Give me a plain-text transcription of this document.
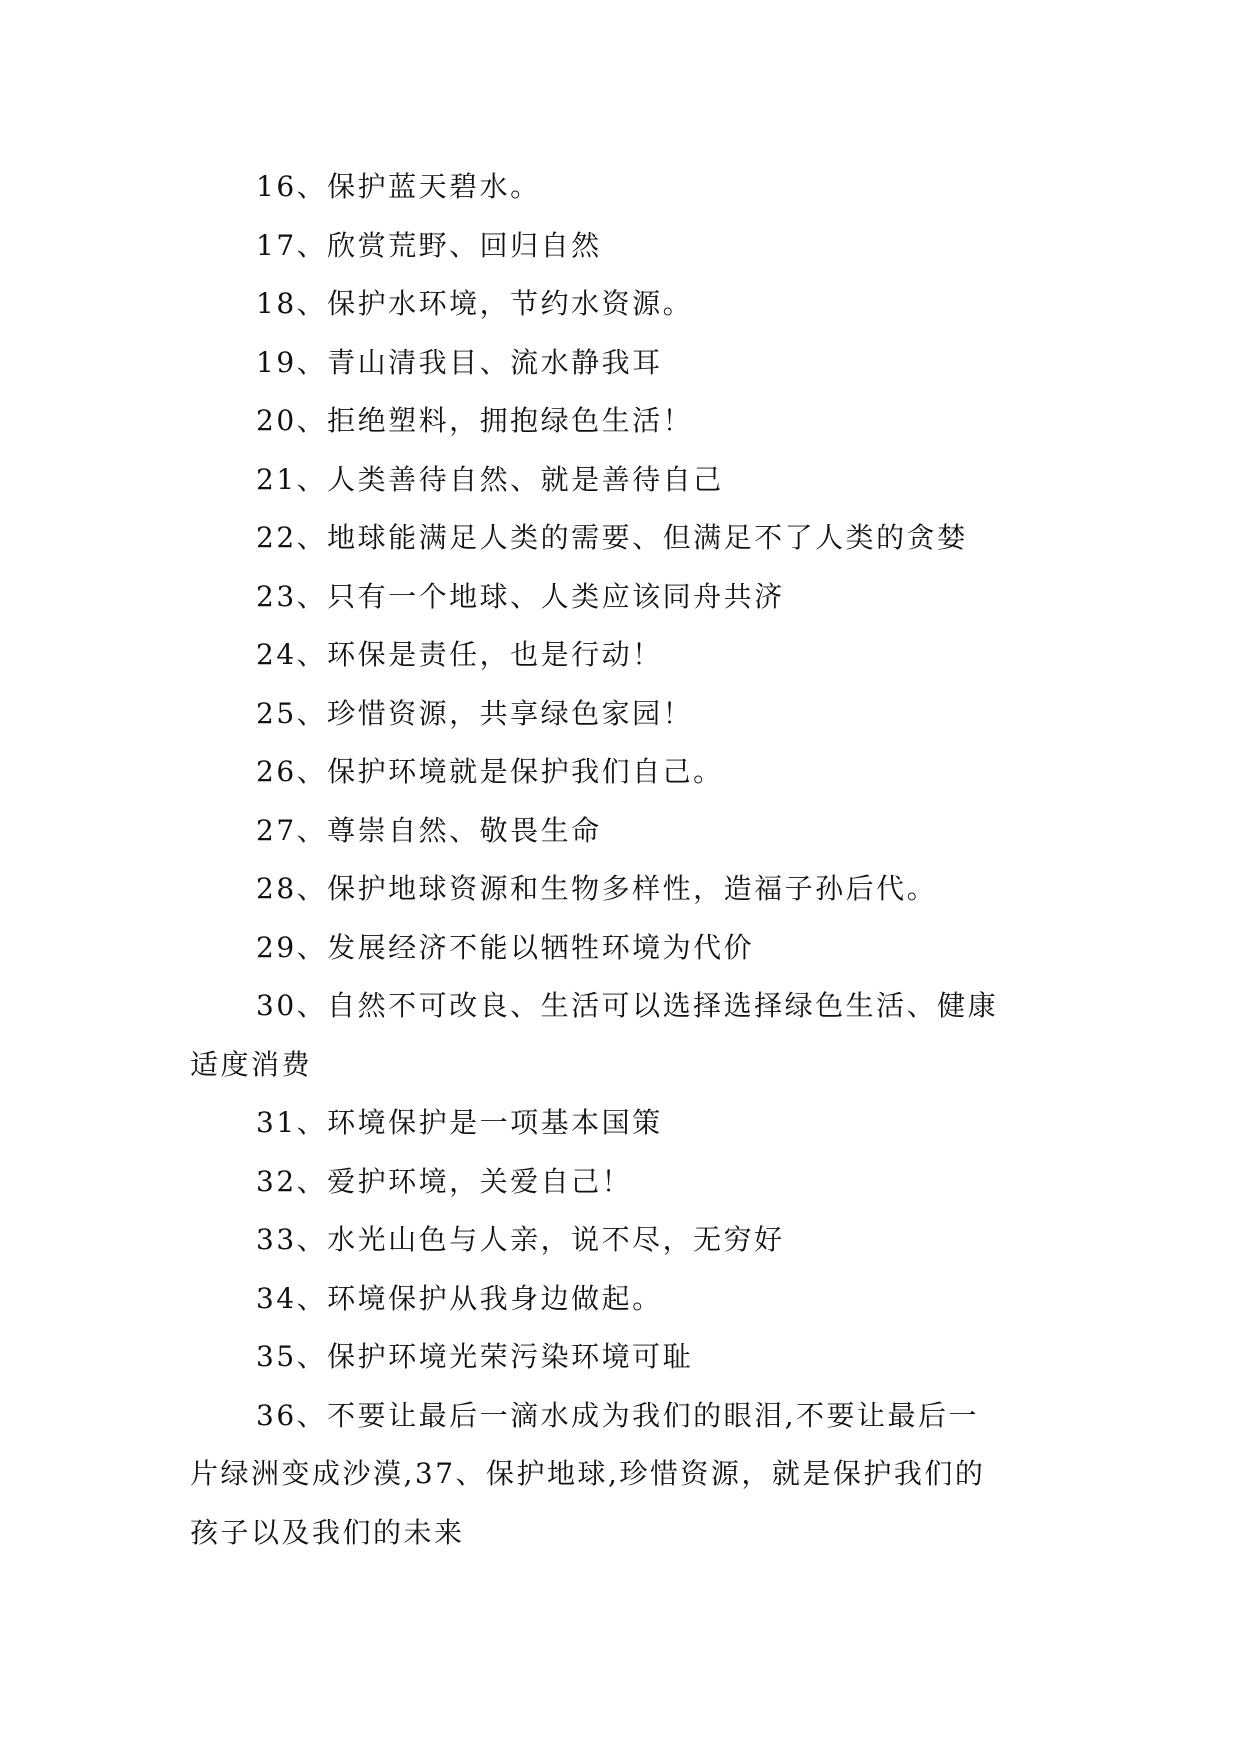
16、保护蓝天碧水。

17、欣赏荒野、回归自然

18、保护水环境，节约水资源。

19、青山清我目、流水静我耳

20、拒绝塑料，拥抱绿色生活！

21、人类善待自然、就是善待自己

22、地球能满足人类的需要、但满足不了人类的贪婪

23、只有一个地球、人类应该同舟共济

24、环保是责任，也是行动！

25、珍惜资源，共享绿色家园！

26、保护环境就是保护我们自己。

27、尊崇自然、敬畏生命

28、保护地球资源和生物多样性，造福子孙后代。

29、发展经济不能以牺牲环境为代价

30、自然不可改良、生活可以选择选择绿色生活、健康

适度消费

31、环境保护是一项基本国策

32、爱护环境，关爱自己！

33、水光山色与人亲，说不尽，无穷好

34、环境保护从我身边做起。

35、保护环境光荣污染环境可耻

36、不要让最后一滴水成为我们的眼泪,不要让最后一

片绿洲变成沙漠,37、保护地球,珍惜资源，就是保护我们的

孩子以及我们的未来
